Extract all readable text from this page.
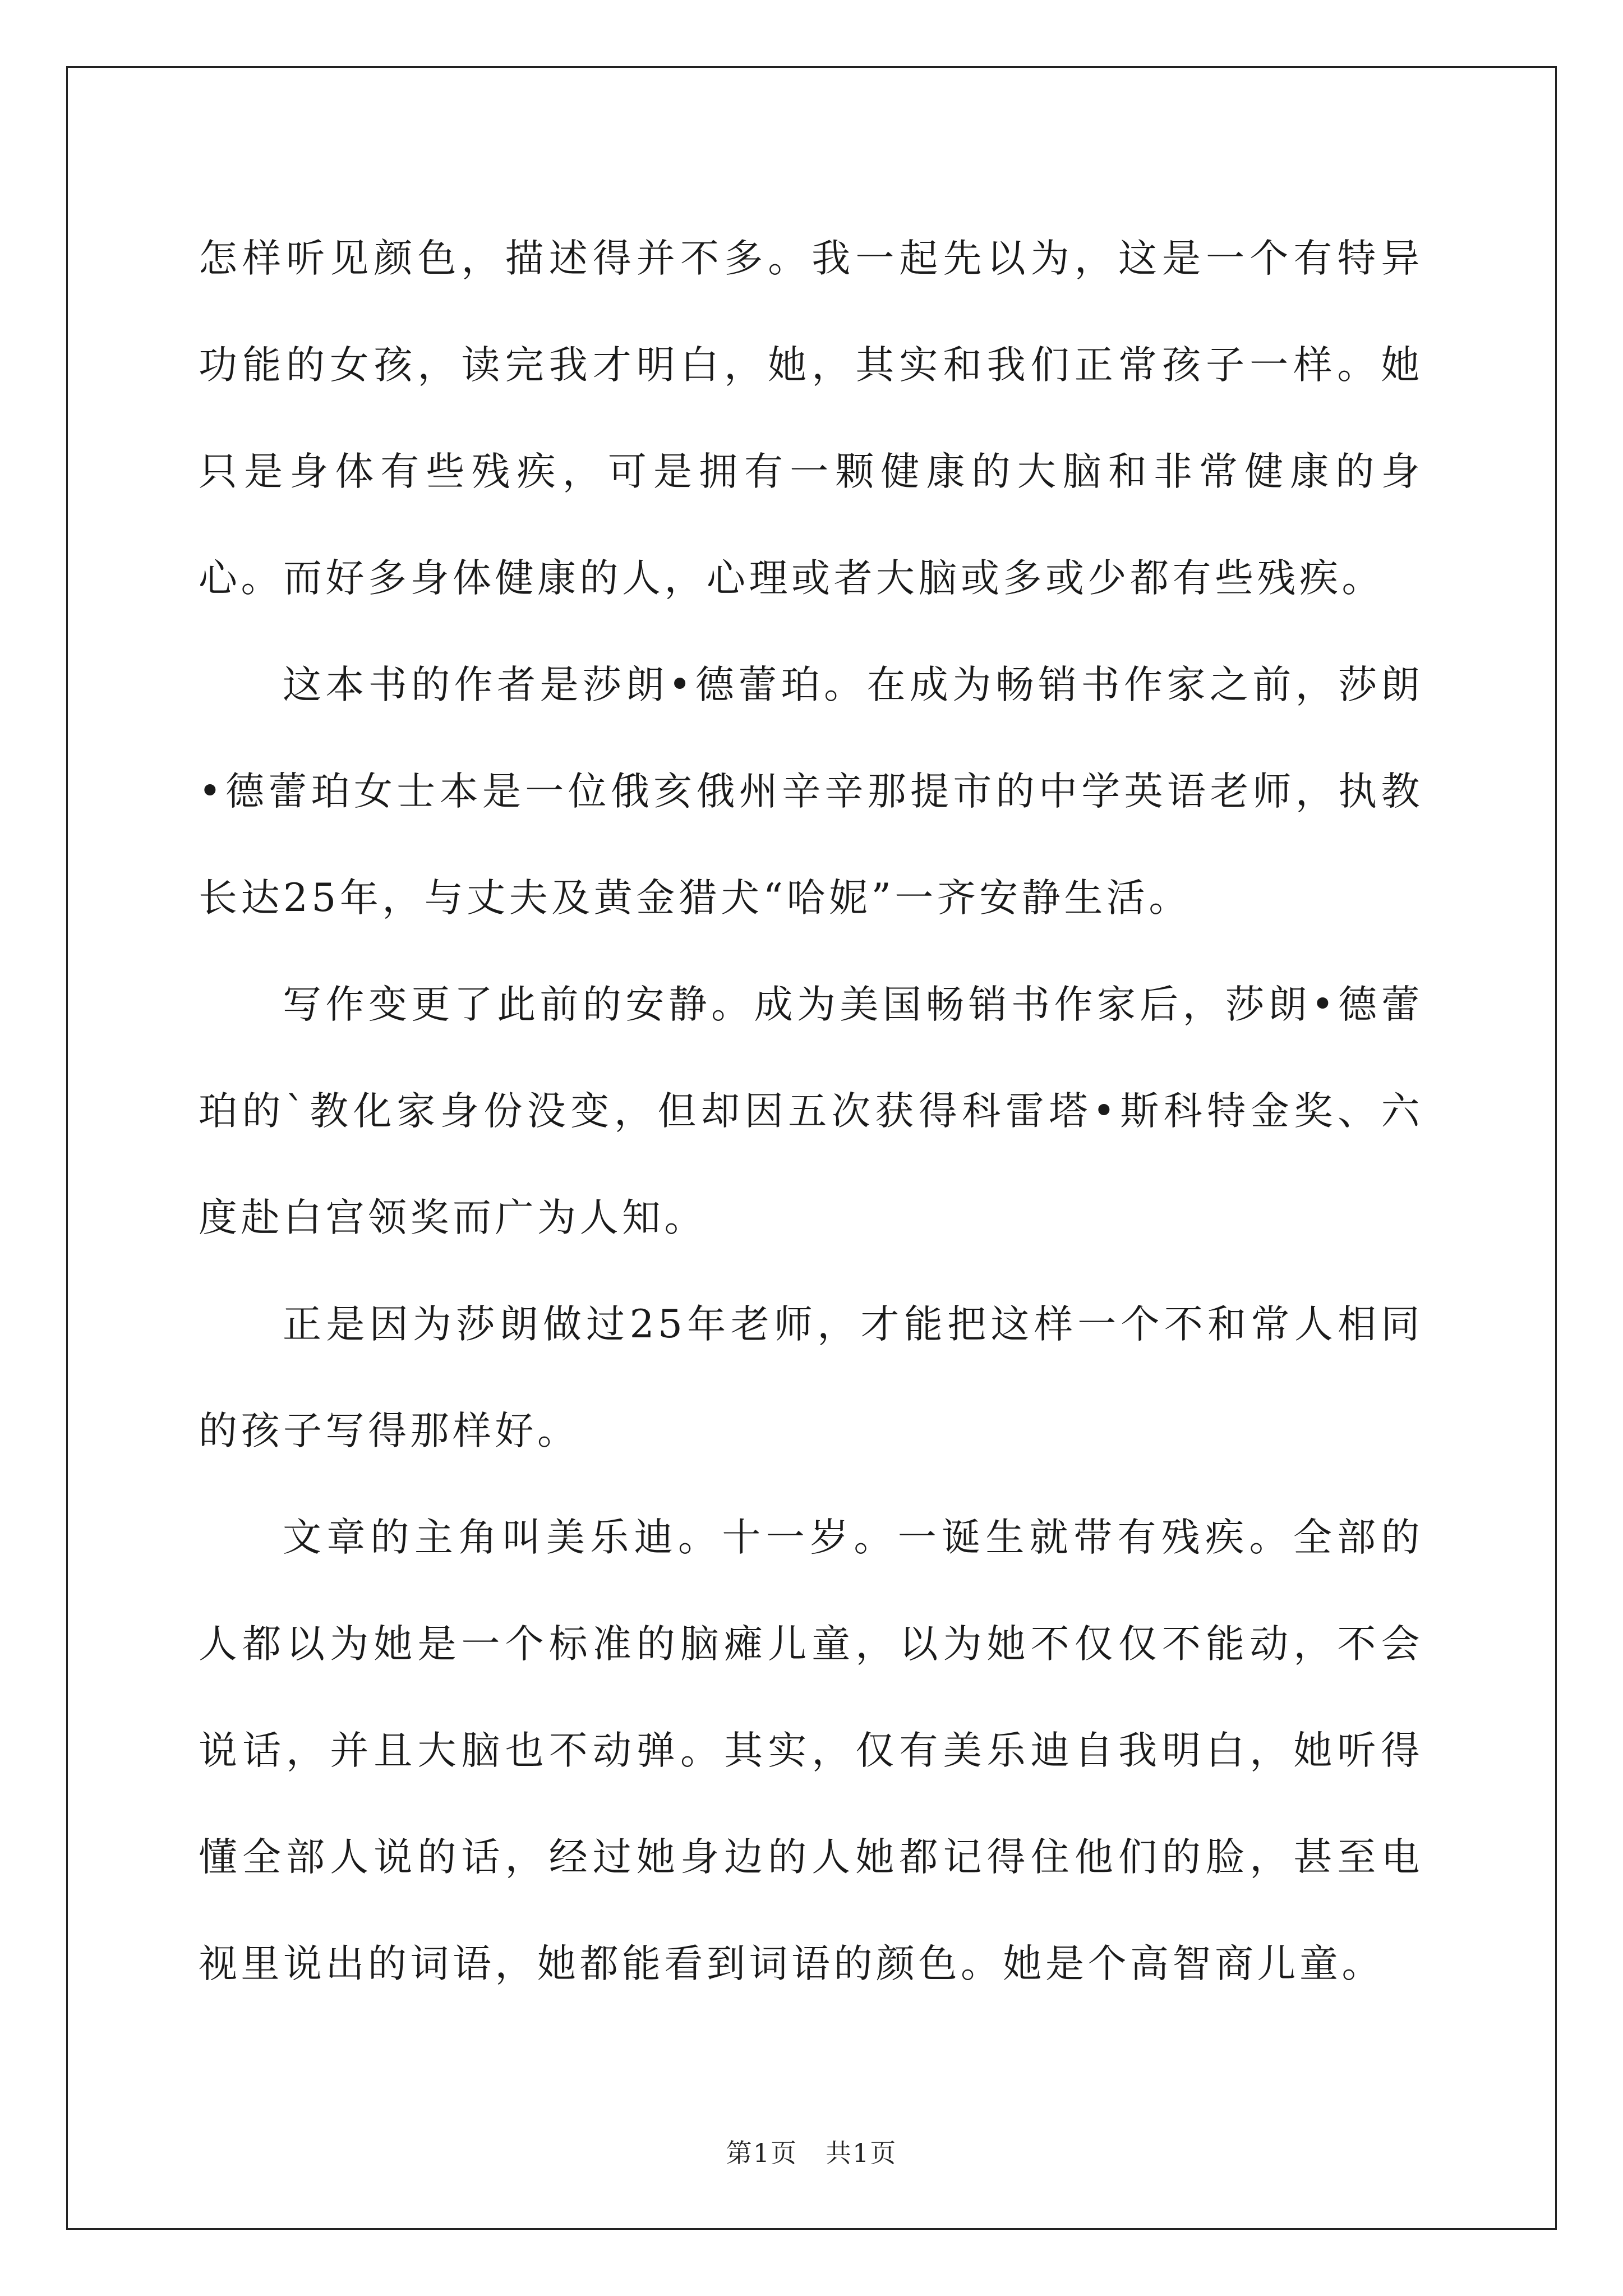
怎样听见颜色，描述得并不多。我一起先以为，这是一个有特异功能的女孩，读完我才明白，她，其实和我们正常孩子一样。她只是身体有些残疾，可是拥有一颗健康的大脑和非常健康的身心。而好多身体健康的人，心理或者大脑或多或少都有些残疾。

这本书的作者是莎朗•德蕾珀。在成为畅销书作家之前，莎朗•德蕾珀女士本是一位俄亥俄州辛辛那提市的中学英语老师，执教长达25年，与丈夫及黄金猎犬“哈妮”一齐安静生活。

写作变更了此前的安静。成为美国畅销书作家后，莎朗•德蕾珀的`教化家身份没变，但却因五次获得科雷塔•斯科特金奖、六度赴白宫领奖而广为人知。

正是因为莎朗做过25年老师，才能把这样一个不和常人相同的孩子写得那样好。

文章的主角叫美乐迪。十一岁。一诞生就带有残疾。全部的人都以为她是一个标准的脑瘫儿童，以为她不仅仅不能动，不会说话，并且大脑也不动弹。其实，仅有美乐迪自我明白，她听得懂全部人说的话，经过她身边的人她都记得住他们的脸，甚至电视里说出的词语，她都能看到词语的颜色。她是个高智商儿童。

第1页 共1页
